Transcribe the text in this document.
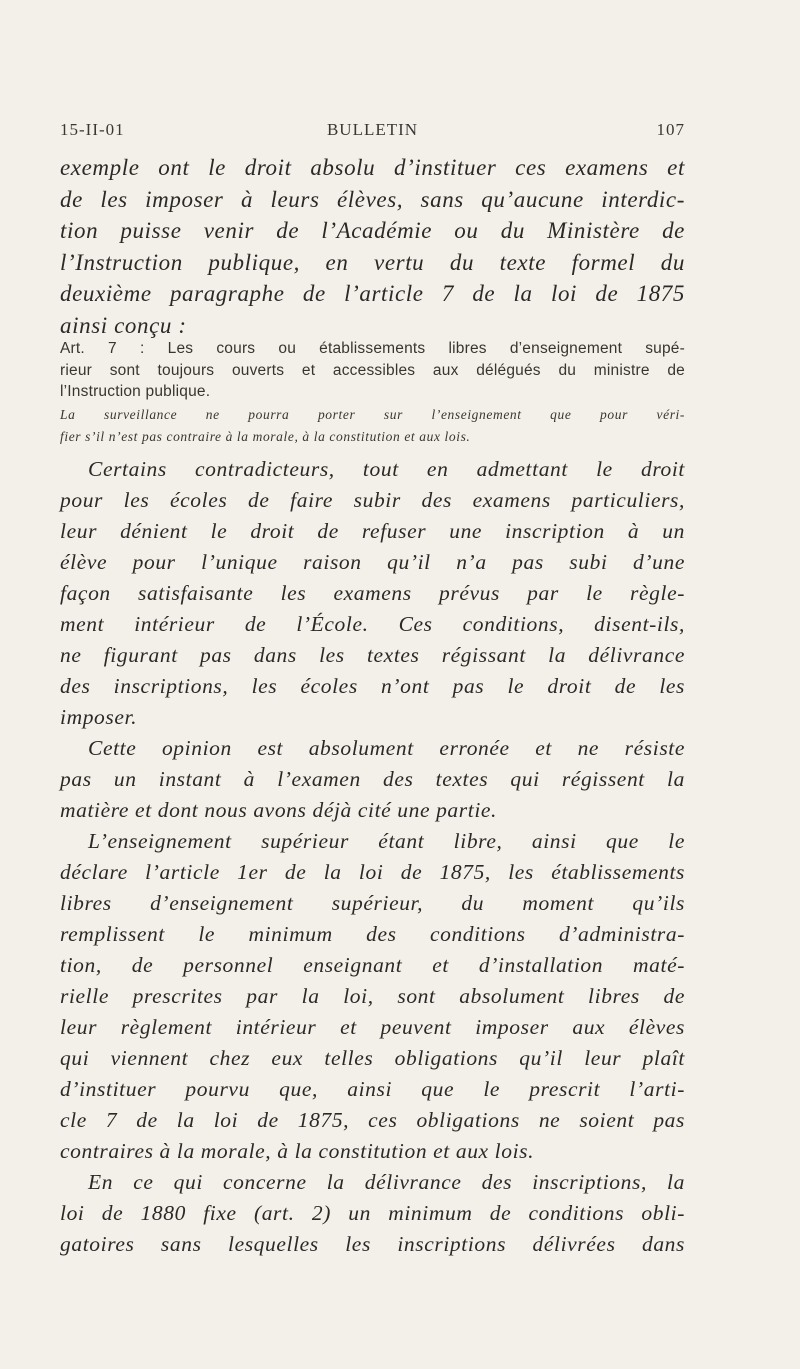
15-II-01	BULLETIN	107
exemple ont le droit absolu d’instituer ces examens et
de les imposer à leurs élèves, sans qu’aucune interdic-
tion puisse venir de l’Académie ou du Ministère de
l’Instruction publique, en vertu du texte formel du
deuxième paragraphe de l’article 7 de la loi de 1875
ainsi conçu :
Art. 7 : Les cours ou établissements libres d’enseignement supé-
rieur sont toujours ouverts et accessibles aux délégués du ministre de
l’Instruction publique.
La surveillance ne pourra porter sur l’enseignement que pour véri-
fier s’il n’est pas contraire à la morale, à la constitution et aux lois.
Certains contradicteurs, tout en admettant le droit
pour les écoles de faire subir des examens particuliers,
leur dénient le droit de refuser une inscription à un
élève pour l’unique raison qu’il n’a pas subi d’une
façon satisfaisante les examens prévus par le règle-
ment intérieur de l’École. Ces conditions, disent-ils,
ne figurant pas dans les textes régissant la délivrance
des inscriptions, les écoles n’ont pas le droit de les
imposer.
Cette opinion est absolument erronée et ne résiste
pas un instant à l’examen des textes qui régissent la
matière et dont nous avons déjà cité une partie.
L’enseignement supérieur étant libre, ainsi que le
déclare l’article 1er de la loi de 1875, les établissements
libres d’enseignement supérieur, du moment qu’ils
remplissent le minimum des conditions d’administra-
tion, de personnel enseignant et d’installation maté-
rielle prescrites par la loi, sont absolument libres de
leur règlement intérieur et peuvent imposer aux élèves
qui viennent chez eux telles obligations qu’il leur plaît
d’instituer pourvu que, ainsi que le prescrit l’arti-
cle 7 de la loi de 1875, ces obligations ne soient pas
contraires à la morale, à la constitution et aux lois.
En ce qui concerne la délivrance des inscriptions, la
loi de 1880 fixe (art. 2) un minimum de conditions obli-
gatoires sans lesquelles les inscriptions délivrées dans
